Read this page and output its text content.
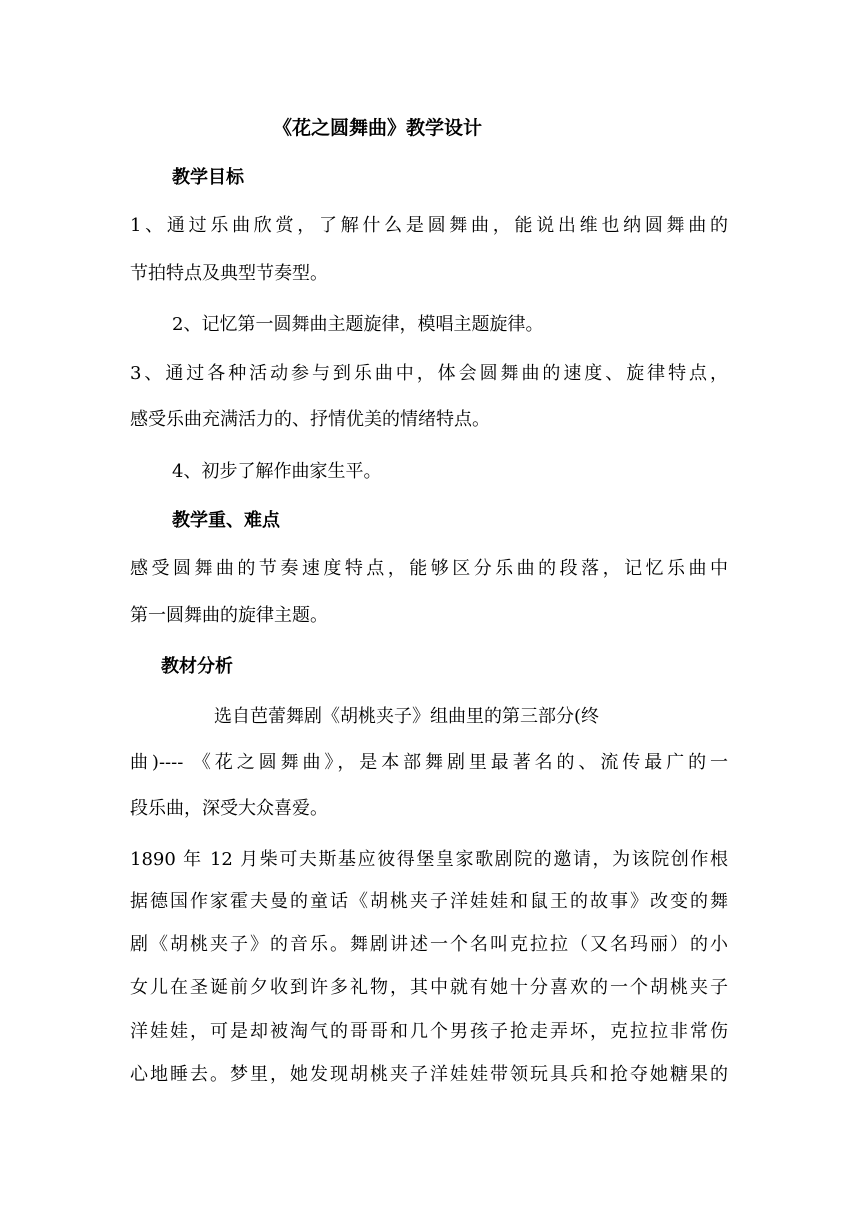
《花之圆舞曲》教学设计

教学目标

1、通过乐曲欣赏，了解什么是圆舞曲，能说出维也纳圆舞曲的

节拍特点及典型节奏型。

2、记忆第一圆舞曲主题旋律，模唱主题旋律。

3、通过各种活动参与到乐曲中，体会圆舞曲的速度、旋律特点，

感受乐曲充满活力的、抒情优美的情绪特点。

4、初步了解作曲家生平。

教学重、难点

感受圆舞曲的节奏速度特点，能够区分乐曲的段落，记忆乐曲中

第一圆舞曲的旋律主题。

教材分析

选自芭蕾舞剧《胡桃夹子》组曲里的第三部分(终

曲)---- 《花之圆舞曲》，是本部舞剧里最著名的、流传最广的一

段乐曲，深受大众喜爱。

1890 年 12 月柴可夫斯基应彼得堡皇家歌剧院的邀请，为该院创作根

据德国作家霍夫曼的童话《胡桃夹子洋娃娃和鼠王的故事》改变的舞

剧《胡桃夹子》的音乐。舞剧讲述一个名叫克拉拉（又名玛丽）的小

女儿在圣诞前夕收到许多礼物，其中就有她十分喜欢的一个胡桃夹子

洋娃娃，可是却被淘气的哥哥和几个男孩子抢走弄坏，克拉拉非常伤

心地睡去。梦里，她发现胡桃夹子洋娃娃带领玩具兵和抢夺她糖果的
